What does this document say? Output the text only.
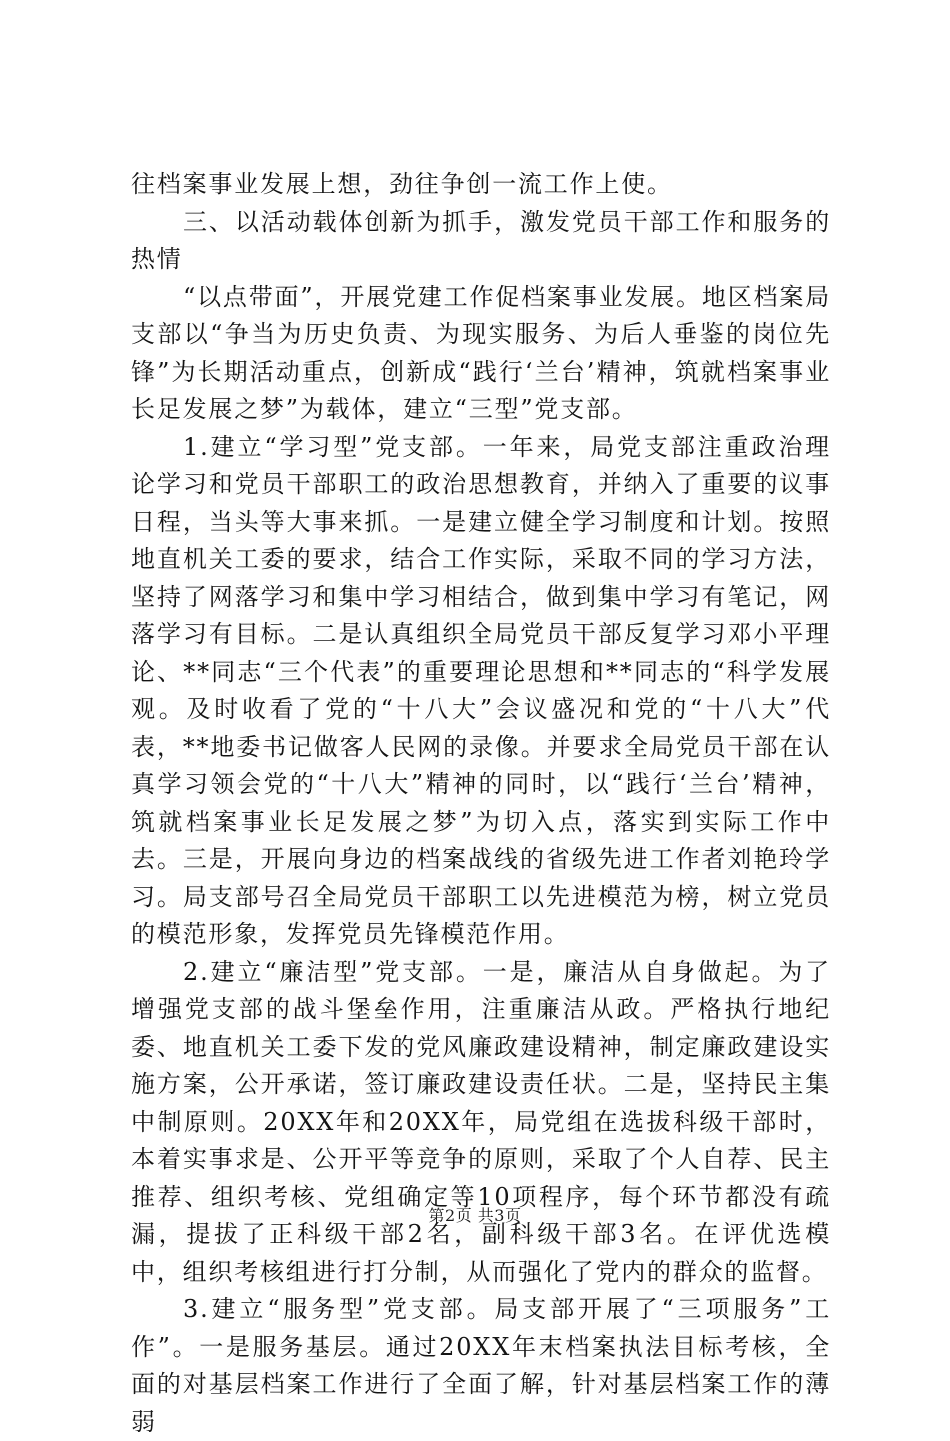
往档案事业发展上想，劲往争创一流工作上使。

三、以活动载体创新为抓手，激发党员干部工作和服务的热情

“以点带面”，开展党建工作促档案事业发展。地区档案局支部以“争当为历史负责、为现实服务、为后人垂鉴的岗位先锋”为长期活动重点，创新成“践行‘兰台’精神，筑就档案事业长足发展之梦”为载体，建立“三型”党支部。

1.建立“学习型”党支部。一年来，局党支部注重政治理论学习和党员干部职工的政治思想教育，并纳入了重要的议事日程，当头等大事来抓。一是建立健全学习制度和计划。按照地直机关工委的要求，结合工作实际，采取不同的学习方法，坚持了网落学习和集中学习相结合，做到集中学习有笔记，网落学习有目标。二是认真组织全局党员干部反复学习邓小平理论、**同志“三个代表”的重要理论思想和**同志的“科学发展观。及时收看了党的“十八大”会议盛况和党的“十八大”代表，**地委书记做客人民网的录像。并要求全局党员干部在认真学习领会党的“十八大”精神的同时，以“践行‘兰台’精神，筑就档案事业长足发展之梦”为切入点，落实到实际工作中去。三是，开展向身边的档案战线的省级先进工作者刘艳玲学习。局支部号召全局党员干部职工以先进模范为榜，树立党员的模范形象，发挥党员先锋模范作用。

2.建立“廉洁型”党支部。一是，廉洁从自身做起。为了增强党支部的战斗堡垒作用，注重廉洁从政。严格执行地纪委、地直机关工委下发的党风廉政建设精神，制定廉政建设实施方案，公开承诺，签订廉政建设责任状。二是，坚持民主集中制原则。20XX年和20XX年，局党组在选拔科级干部时，本着实事求是、公开平等竞争的原则，采取了个人自荐、民主推荐、组织考核、党组确定等10项程序，每个环节都没有疏漏，提拔了正科级干部2名，副科级干部3名。在评优选模中，组织考核组进行打分制，从而强化了党内的群众的监督。

3.建立“服务型”党支部。局支部开展了“三项服务”工作”。一是服务基层。通过20XX年末档案执法目标考核，全面的对基层档案工作进行了全面了解，针对基层档案工作的薄弱

第2页 共3页
